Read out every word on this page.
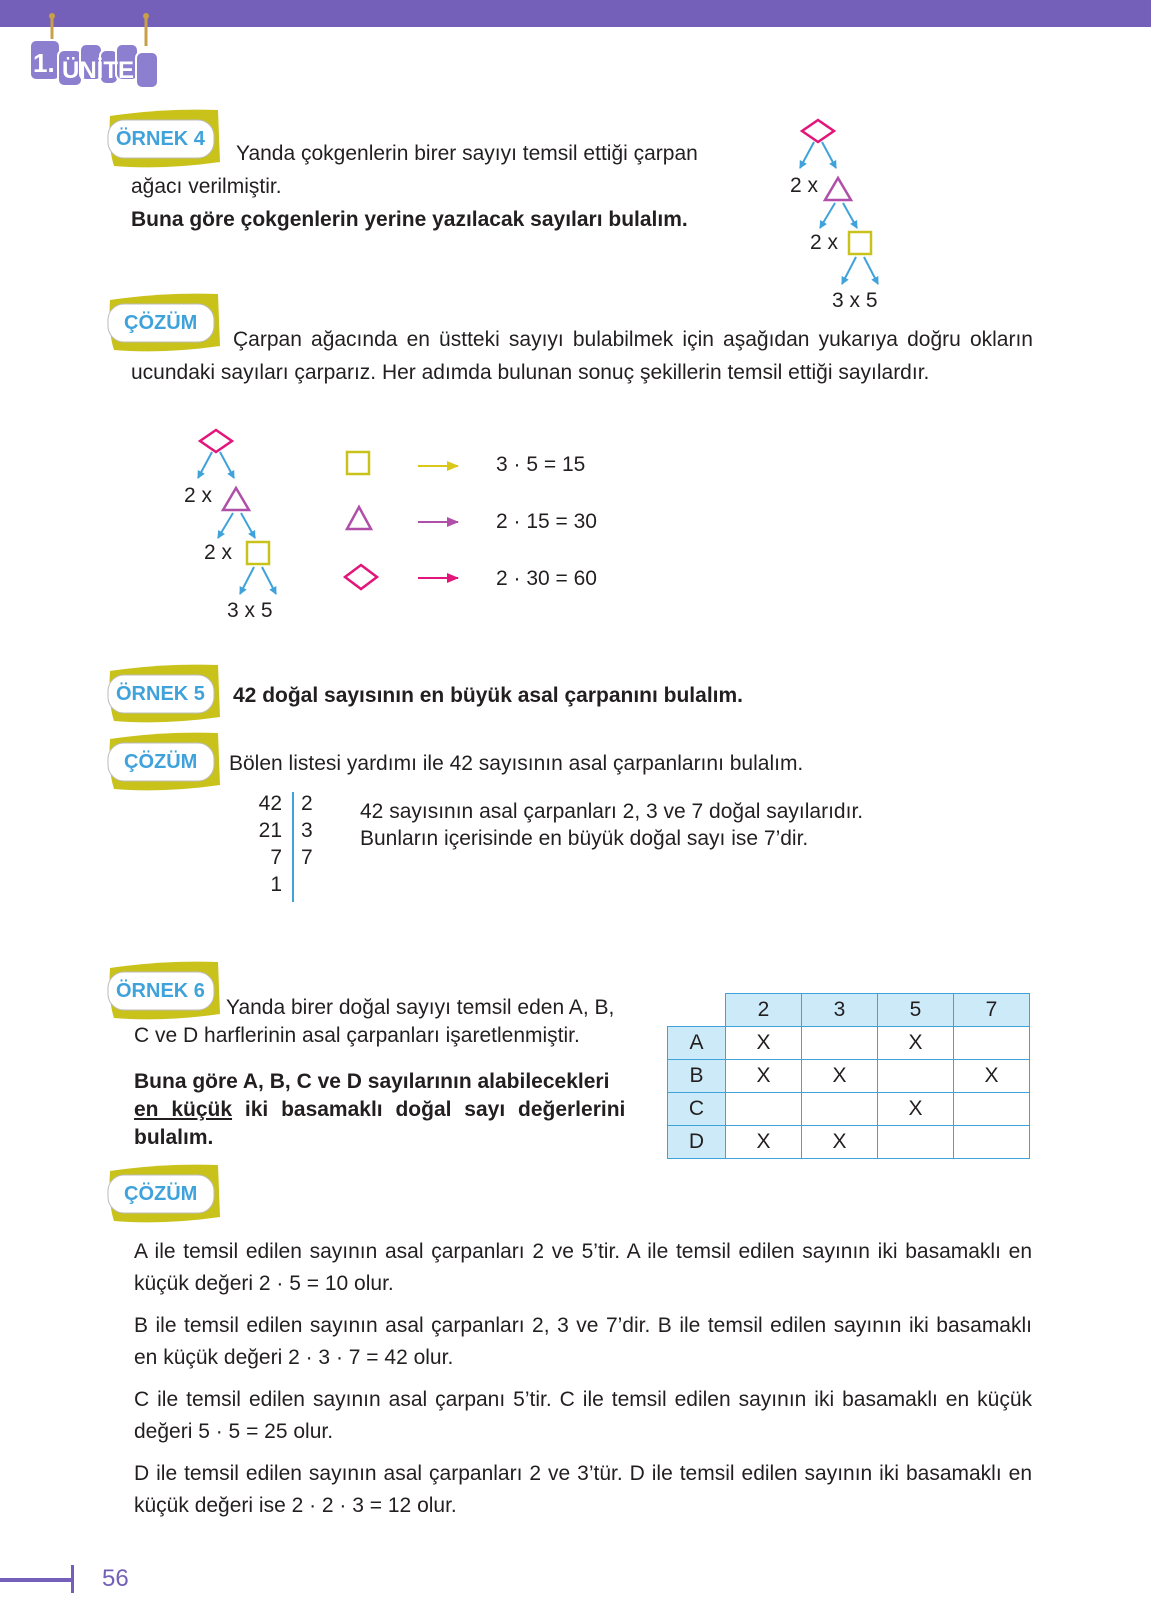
1. ÜNİTE
ÖRNEK 4
Yanda çokgenlerin birer sayıyı temsil ettiği çarpan
ağacı verilmiştir.
Buna göre çokgenlerin yerine yazılacak sayıları bulalım.
2 x
2 x
3 x 5
ÇÖZÜM
Çarpan ağacında en üstteki sayıyı bulabilmek için aşağıdan yukarıya doğru okların ucundaki sayıları çarparız. Her adımda bulunan sonuç şekillerin temsil ettiği sayılardır.
2 x
2 x
3 x 5
3 · 5 = 15
2 · 15 = 30
2 · 30 = 60
ÖRNEK 5 42 doğal sayısının en büyük asal çarpanını bulalım.
ÇÖZÜM Bölen listesi yardımı ile 42 sayısının asal çarpanlarını bulalım.
42
21
7
1
2
3
7
42 sayısının asal çarpanları 2, 3 ve 7 doğal sayılarıdır.
Bunların içerisinde en büyük doğal sayı ise 7’dir.
ÖRNEK 6
Yanda birer doğal sayıyı temsil eden A, B,
C ve D harflerinin asal çarpanları işaretlenmiştir.
Buna göre A, B, C ve D sayılarının alabilecekleri
en küçük iki basamaklı doğal sayı değerlerini
bulalım.
	2	3	5	7
A	X		X	
B	X	X		X
C			X	
D	X	X		
ÇÖZÜM
A ile temsil edilen sayının asal çarpanları 2 ve 5’tir. A ile temsil edilen sayının iki basamaklı en küçük değeri 2 · 5 = 10 olur.
B ile temsil edilen sayının asal çarpanları 2, 3 ve 7’dir. B ile temsil edilen sayının iki basamaklı en küçük değeri 2 · 3 · 7 = 42 olur.
C ile temsil edilen sayının asal çarpanı 5’tir. C ile temsil edilen sayının iki basamaklı en küçük değeri 5 · 5 = 25 olur.
D ile temsil edilen sayının asal çarpanları 2 ve 3’tür. D ile temsil edilen sayının iki basamaklı en küçük değeri ise 2 · 2 · 3 = 12 olur.
56
